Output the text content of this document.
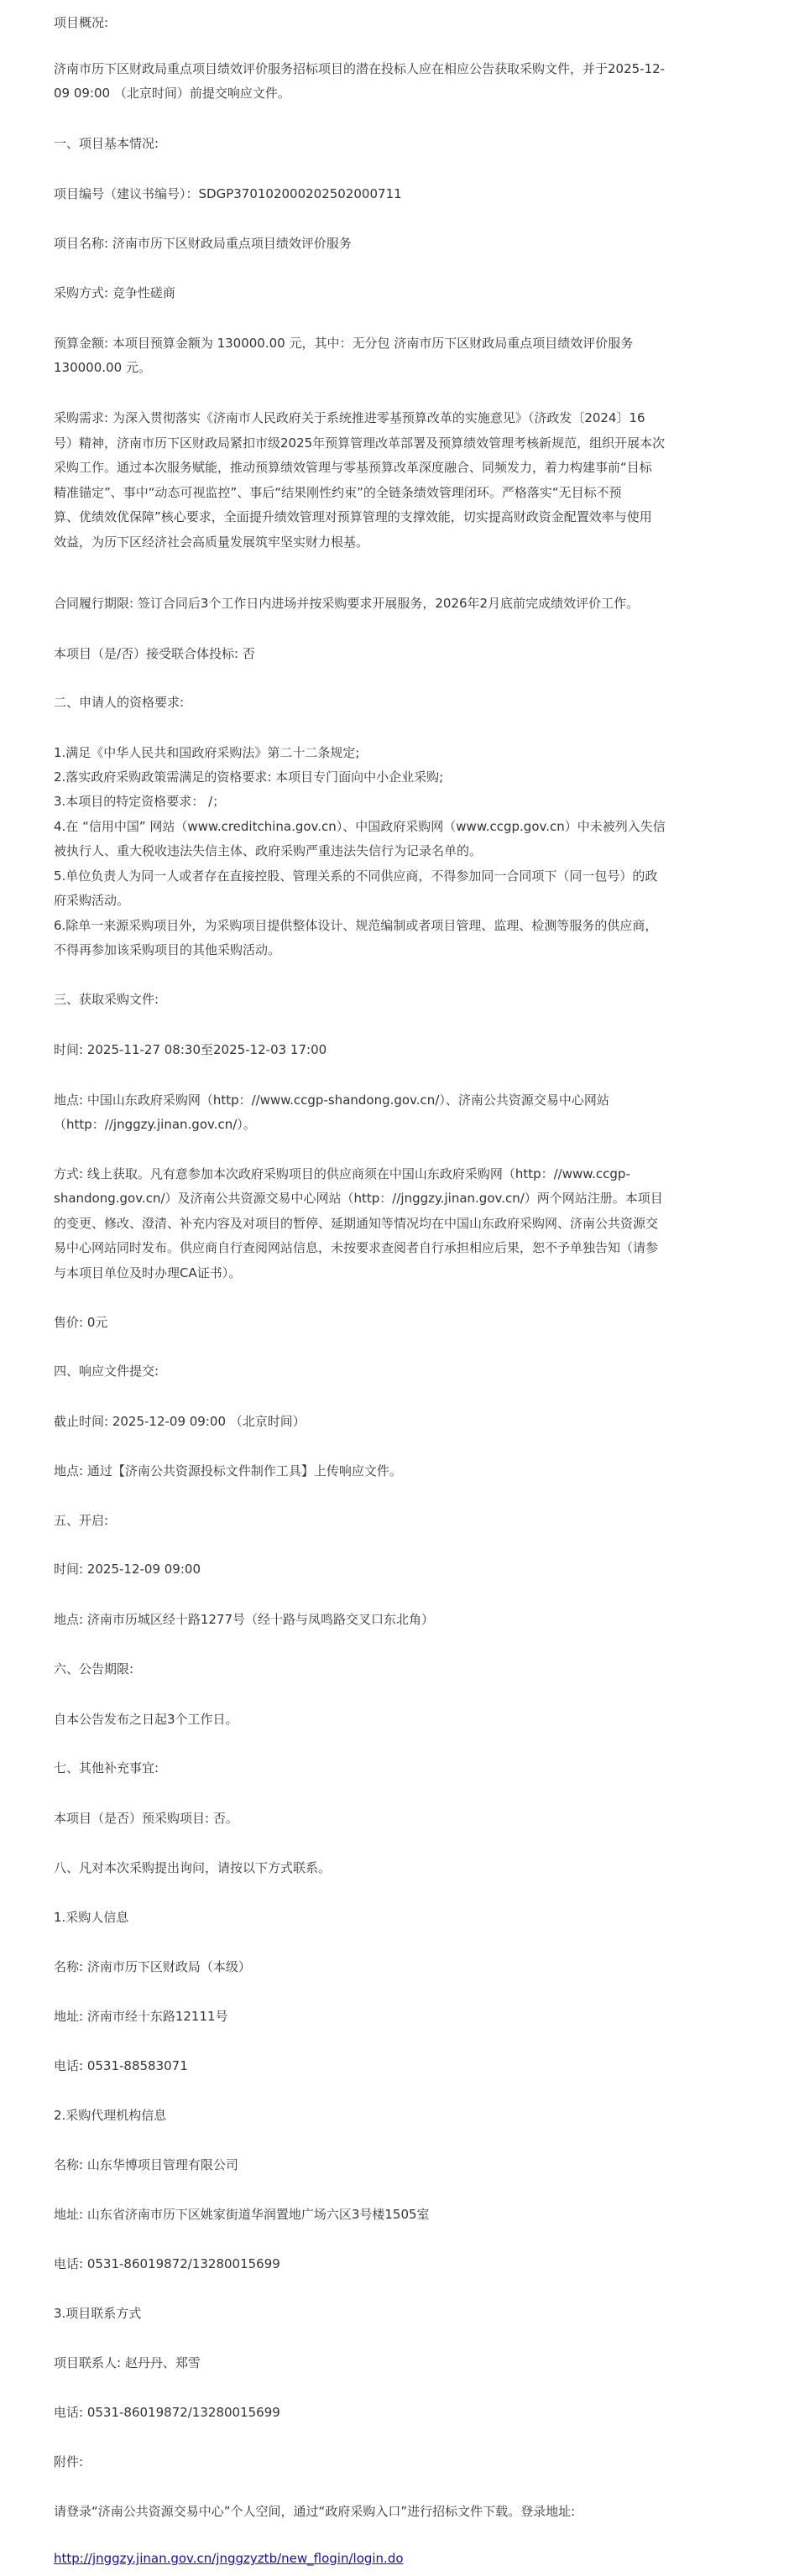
项目概况:

济南市历下区财政局重点项目绩效评价服务招标项目的潜在投标人应在相应公告获取采购文件，并于2025-12-

09 09:00 （北京时间）前提交响应文件。

一、项目基本情况:

项目编号（建议书编号）：SDGP370102000202502000711

项目名称: 济南市历下区财政局重点项目绩效评价服务

采购方式: 竞争性磋商

预算金额: 本项目预算金额为 130000.00 元，其中：无分包 济南市历下区财政局重点项目绩效评价服务

130000.00 元。

采购需求: 为深入贯彻落实《济南市人民政府关于系统推进零基预算改革的实施意见》（济政发〔2024〕16

号）精神，济南市历下区财政局紧扣市级2025年预算管理改革部署及预算绩效管理考核新规范，组织开展本次

采购工作。通过本次服务赋能，推动预算绩效管理与零基预算改革深度融合、同频发力，着力构建事前“目标

精准锚定”、事中“动态可视监控”、事后“结果刚性约束”的全链条绩效管理闭环。严格落实“无目标不预

算、优绩效优保障”核心要求，全面提升绩效管理对预算管理的支撑效能，切实提高财政资金配置效率与使用

效益，为历下区经济社会高质量发展筑牢坚实财力根基。

合同履行期限: 签订合同后3个工作日内进场并按采购要求开展服务，2026年2月底前完成绩效评价工作。

本项目（是/否）接受联合体投标: 否

二、申请人的资格要求:

1.满足《中华人民共和国政府采购法》第二十二条规定;

2.落实政府采购政策需满足的资格要求: 本项目专门面向中小企业采购;

3.本项目的特定资格要求： /；

4.在 “信用中国” 网站（www.creditchina.gov.cn）、中国政府采购网（www.ccgp.gov.cn）中未被列入失信

被执行人、重大税收违法失信主体、政府采购严重违法失信行为记录名单的。

5.单位负责人为同一人或者存在直接控股、管理关系的不同供应商，不得参加同一合同项下（同一包号）的政

府采购活动。

6.除单一来源采购项目外，为采购项目提供整体设计、规范编制或者项目管理、监理、检测等服务的供应商，

不得再参加该采购项目的其他采购活动。

三、获取采购文件:

时间: 2025-11-27 08:30至2025-12-03 17:00

地点: 中国山东政府采购网（http：//www.ccgp-shandong.gov.cn/）、济南公共资源交易中心网站

（http：//jnggzy.jinan.gov.cn/）。

方式: 线上获取。凡有意参加本次政府采购项目的供应商须在中国山东政府采购网（http：//www.ccgp-

shandong.gov.cn/）及济南公共资源交易中心网站（http：//jnggzy.jinan.gov.cn/）两个网站注册。本项目

的变更、修改、澄清、补充内容及对项目的暂停、延期通知等情况均在中国山东政府采购网、济南公共资源交

易中心网站同时发布。供应商自行查阅网站信息，未按要求查阅者自行承担相应后果，恕不予单独告知（请参

与本项目单位及时办理CA证书）。

售价: 0元

四、响应文件提交:

截止时间: 2025-12-09 09:00 （北京时间）

地点: 通过【济南公共资源投标文件制作工具】上传响应文件。

五、开启:

时间: 2025-12-09 09:00

地点: 济南市历城区经十路1277号（经十路与凤鸣路交叉口东北角）

六、公告期限:

自本公告发布之日起3个工作日。

七、其他补充事宜:

本项目（是否）预采购项目: 否。

八、凡对本次采购提出询问，请按以下方式联系。

1.采购人信息

名称: 济南市历下区财政局（本级）

地址: 济南市经十东路12111号

电话: 0531-88583071

2.采购代理机构信息

名称: 山东华博项目管理有限公司

地址: 山东省济南市历下区姚家街道华润置地广场六区3号楼1505室

电话: 0531-86019872/13280015699

3.项目联系方式

项目联系人: 赵丹丹、郑雪

电话: 0531-86019872/13280015699

附件:

请登录“济南公共资源交易中心”个人空间，通过“政府采购入口”进行招标文件下载。登录地址:

http://jnggzy.jinan.gov.cn/jnggzyztb/new_flogin/login.do
